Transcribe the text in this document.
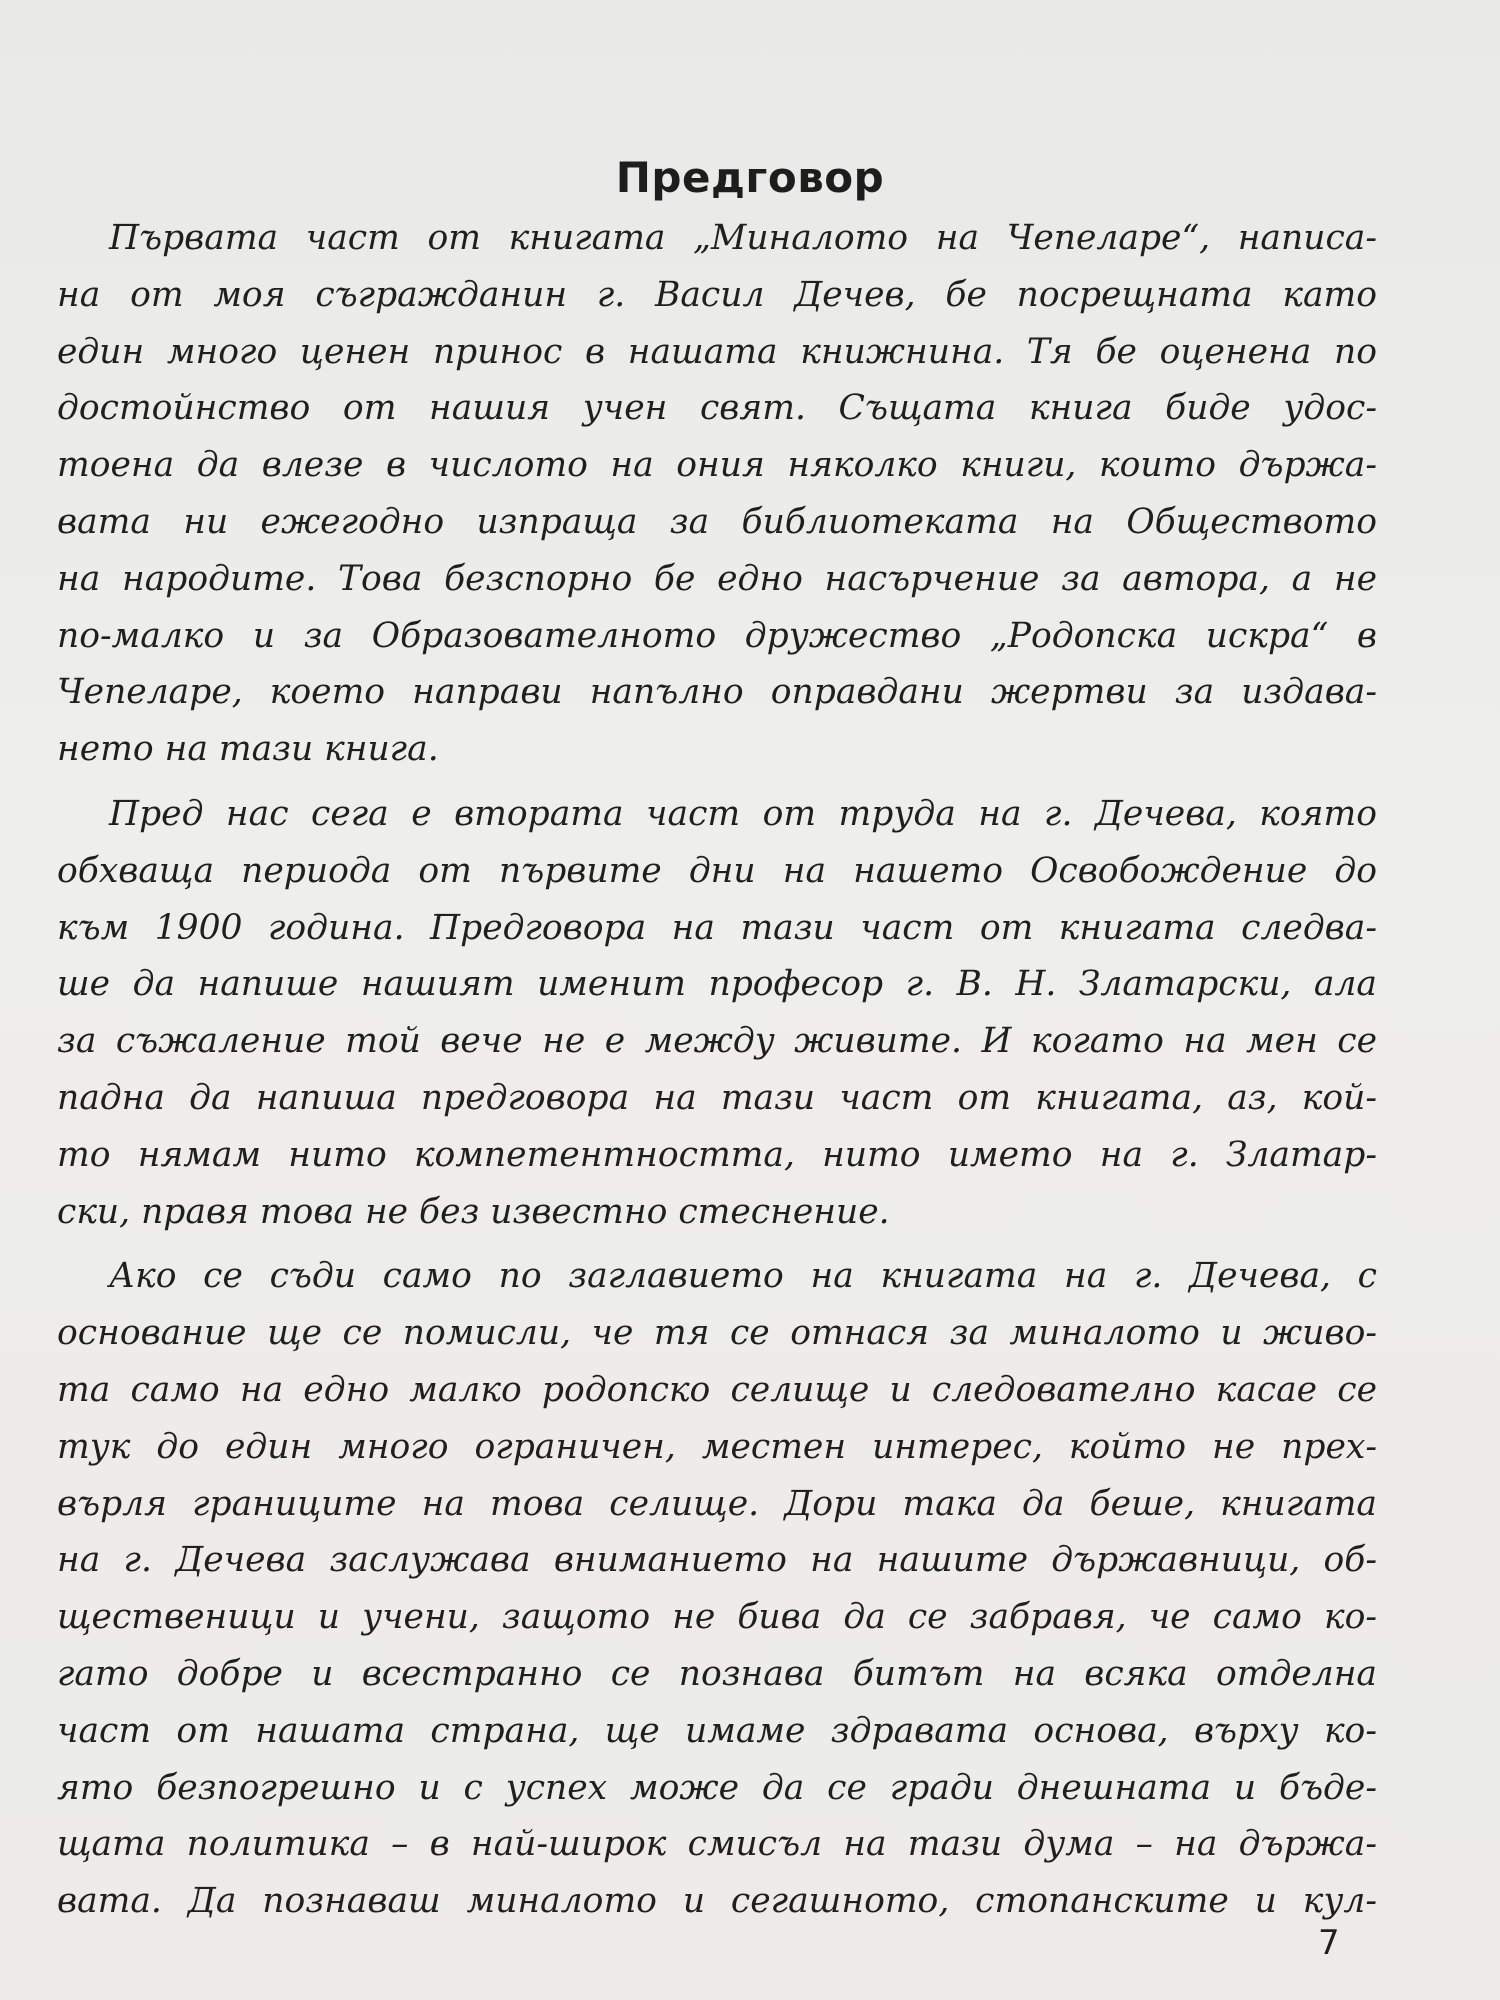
Предговор
Първата част от книгата „Миналото на Чепеларе“, написа-
на от моя съгражданин г. Васил Дечев, бе посрещната като
един много ценен принос в нашата книжнина. Тя бе оценена по
достойнство от нашия учен свят. Същата книга биде удос-
тоена да влезе в числото на ония няколко книги, които държа-
вата ни ежегодно изпраща за библиотеката на Обществото
на народите. Това безспорно бе едно насърчение за автора, а не
по-малко и за Образователното дружество „Родопска искра“ в
Чепеларе, което направи напълно оправдани жертви за издава-
нето на тази книга.
Пред нас сега е втората част от труда на г. Дечева, която
обхваща периода от първите дни на нашето Освобождение до
към 1900 година. Предговора на тази част от книгата следва-
ше да напише нашият именит професор г. В. Н. Златарски, ала
за съжаление той вече не е между живите. И когато на мен се
падна да напиша предговора на тази част от книгата, аз, кой-
то нямам нито компетентността, нито името на г. Златар-
ски, правя това не без известно стеснение.
Ако се съди само по заглавието на книгата на г. Дечева, с
основание ще се помисли, че тя се отнася за миналото и живо-
та само на едно малко родопско селище и следователно касае се
тук до един много ограничен, местен интерес, който не прех-
върля границите на това селище. Дори така да беше, книгата
на г. Дечева заслужава вниманието на нашите държавници, об-
щественици и учени, защото не бива да се забравя, че само ко-
гато добре и всестранно се познава битът на всяка отделна
част от нашата страна, ще имаме здравата основа, върху ко-
ято безпогрешно и с успех може да се гради днешната и бъде-
щата политика – в най-широк смисъл на тази дума – на държа-
вата. Да познаваш миналото и сегашното, стопанските и кул-
7
